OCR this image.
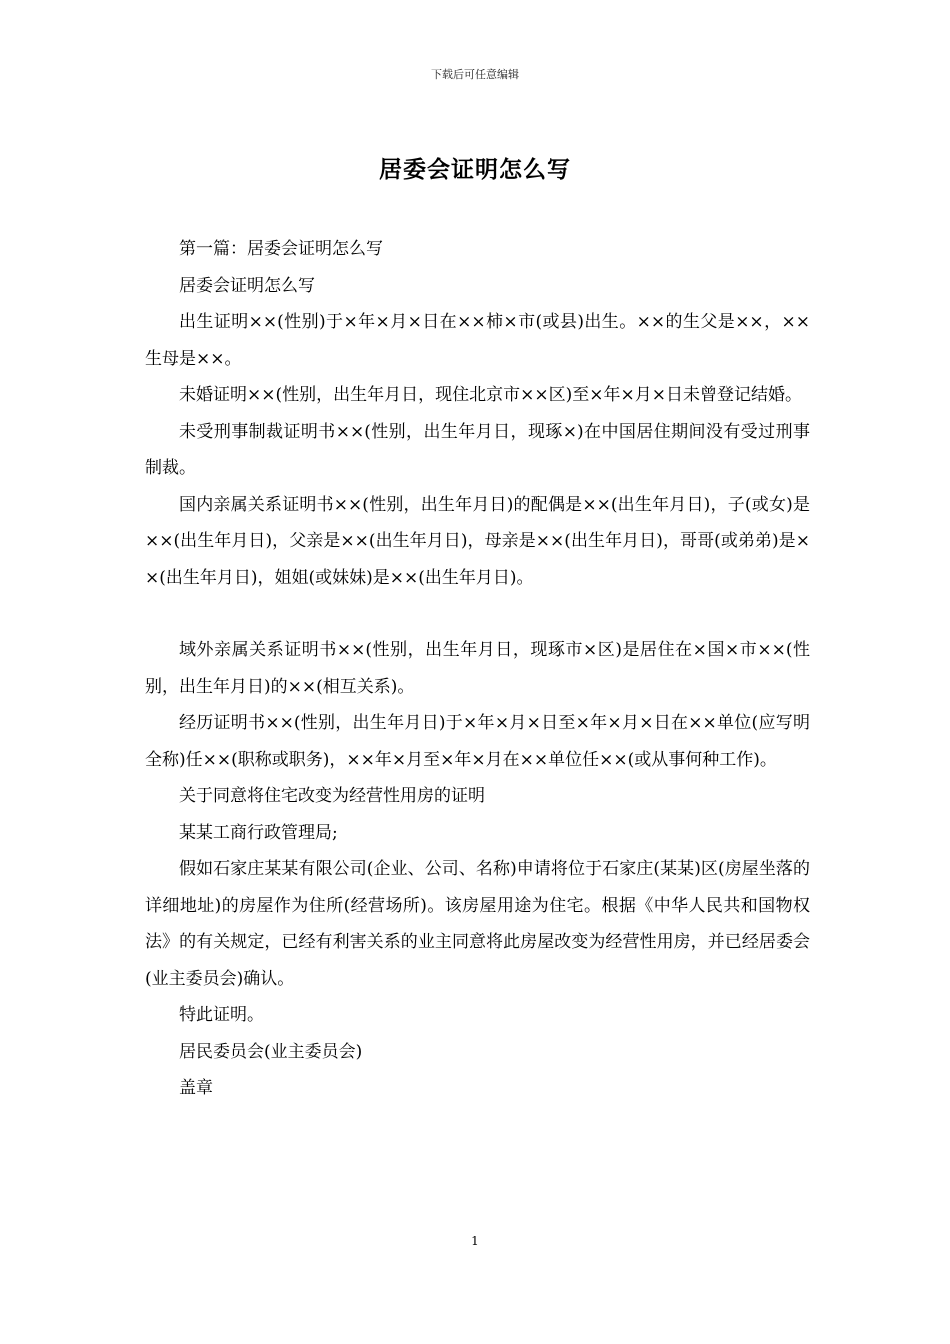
下载后可任意编辑
居委会证明怎么写

第一篇：居委会证明怎么写

居委会证明怎么写

出生证明××(性别)于×年×月×日在××柿×市(或县)出生。××的生父是××，××生母是××。

未婚证明××(性别，出生年月日，现住北京市××区)至×年×月×日未曾登记结婚。

未受刑事制裁证明书××(性别，出生年月日，现琢×)在中国居住期间没有受过刑事制裁。

国内亲属关系证明书××(性别，出生年月日)的配偶是××(出生年月日)，子(或女)是××(出生年月日)，父亲是××(出生年月日)，母亲是××(出生年月日)，哥哥(或弟弟)是××(出生年月日)，姐姐(或妹妹)是××(出生年月日)。

域外亲属关系证明书××(性别，出生年月日，现琢市×区)是居住在×国×市××(性别，出生年月日)的××(相互关系)。

经历证明书××(性别，出生年月日)于×年×月×日至×年×月×日在××单位(应写明全称)任××(职称或职务)，××年×月至×年×月在××单位任××(或从事何种工作)。

关于同意将住宅改变为经营性用房的证明

某某工商行政管理局;

假如石家庄某某有限公司(企业、公司、名称)申请将位于石家庄(某某)区(房屋坐落的详细地址)的房屋作为住所(经营场所)。该房屋用途为住宅。根据《中华人民共和国物权法》的有关规定，已经有利害关系的业主同意将此房屋改变为经营性用房，并已经居委会(业主委员会)确认。

特此证明。

居民委员会(业主委员会)

盖章

1
